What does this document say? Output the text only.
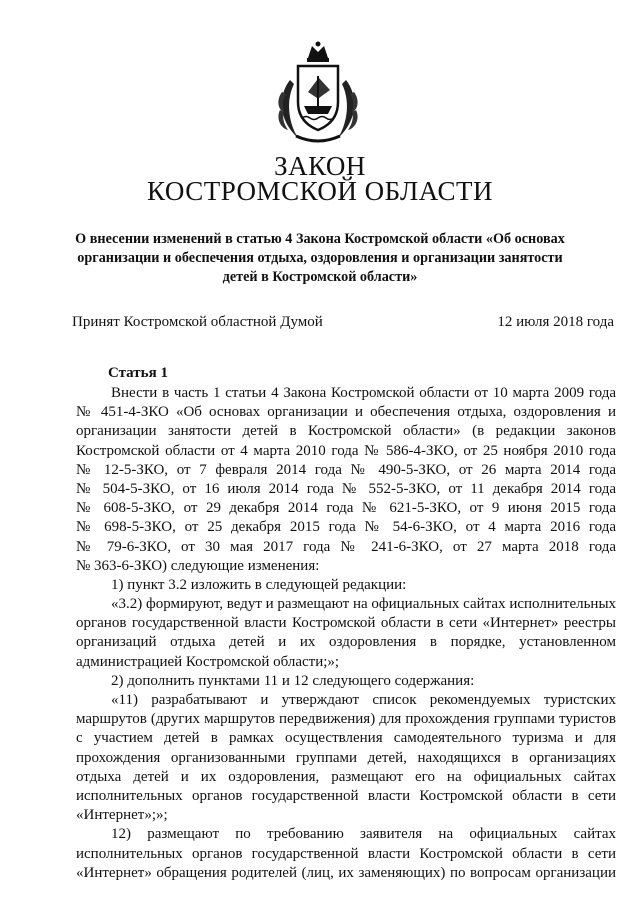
ЗАКОН
КОСТРОМСКОЙ ОБЛАСТИ
О внесении изменений в статью 4 Закона Костромской области «Об основах
организации и обеспечения отдыха, оздоровления и организации занятости
детей в Костромской области»
Принят Костромской областной Думой	12 июля 2018 года
Статья 1
Внести в часть 1 статьи 4 Закона Костромской области от 10 марта 2009 года
№ 451-4-ЗКО «Об основах организации и обеспечения отдыха, оздоровления и
организации занятости детей в Костромской области» (в редакции законов
Костромской области от 4 марта 2010 года № 586-4-ЗКО, от 25 ноября 2010 года
№ 12-5-ЗКО, от 7 февраля 2014 года № 490-5-ЗКО, от 26 марта 2014 года
№ 504-5-ЗКО, от 16 июля 2014 года № 552-5-ЗКО, от 11 декабря 2014 года
№ 608-5-ЗКО, от 29 декабря 2014 года № 621-5-ЗКО, от 9 июня 2015 года
№ 698-5-ЗКО, от 25 декабря 2015 года № 54-6-ЗКО, от 4 марта 2016 года
№ 79-6-ЗКО, от 30 мая 2017 года № 241-6-ЗКО, от 27 марта 2018 года
№ 363-6-ЗКО) следующие изменения:
1) пункт 3.2 изложить в следующей редакции:
«3.2) формируют, ведут и размещают на официальных сайтах исполнительных
органов государственной власти Костромской области в сети «Интернет» реестры
организаций отдыха детей и их оздоровления в порядке, установленном
администрацией Костромской области;»;
2) дополнить пунктами 11 и 12 следующего содержания:
«11) разрабатывают и утверждают список рекомендуемых туристских
маршрутов (других маршрутов передвижения) для прохождения группами туристов
с участием детей в рамках осуществления самодеятельного туризма и для
прохождения организованными группами детей, находящихся в организациях
отдыха детей и их оздоровления, размещают его на официальных сайтах
исполнительных органов государственной власти Костромской области в сети
«Интернет»;»;
12) размещают по требованию заявителя на официальных сайтах
исполнительных органов государственной власти Костромской области в сети
«Интернет» обращения родителей (лиц, их заменяющих) по вопросам организации
